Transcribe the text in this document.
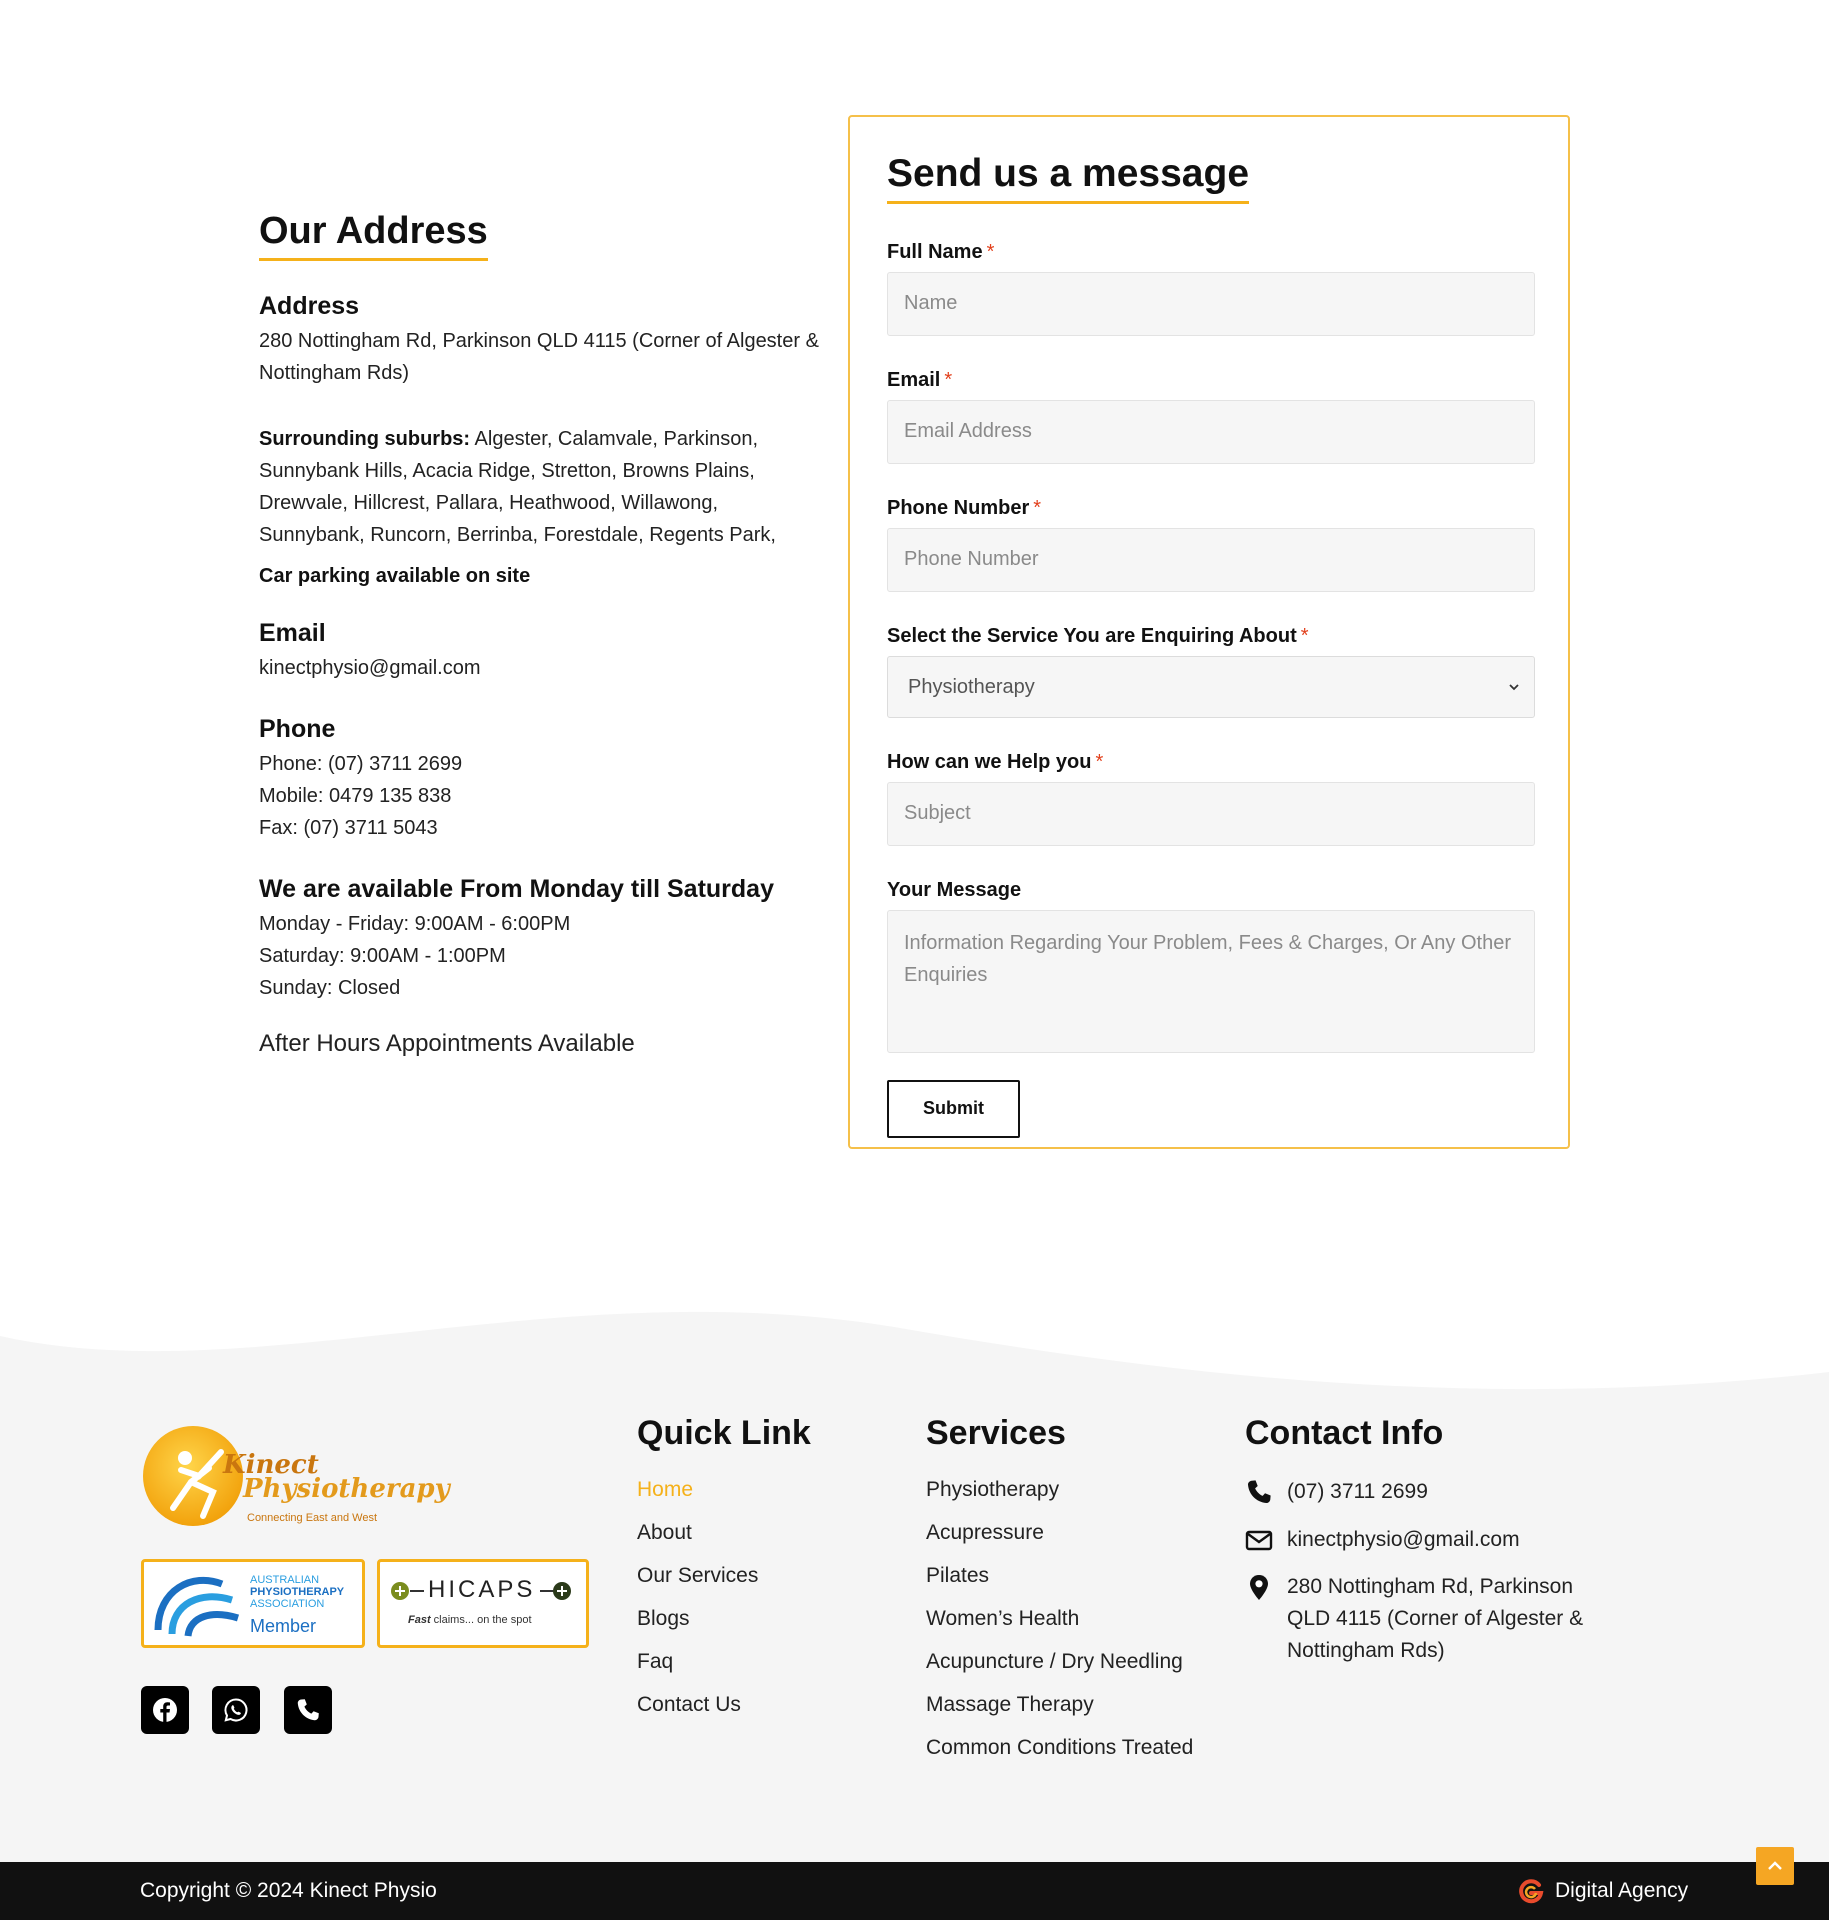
Our Address
Address

280 Nottingham Rd, Parkinson QLD 4115 (Corner of Algester & Nottingham Rds)

Surrounding suburbs: Algester, Calamvale, Parkinson, Sunnybank Hills, Acacia Ridge, Stretton, Browns Plains, Drewvale, Hillcrest, Pallara, Heathwood, Willawong, Sunnybank, Runcorn, Berrinba, Forestdale, Regents Park,

Car parking available on site

Email

kinectphysio@gmail.com

Phone

Phone: (07) 3711 2699

Mobile: 0479 135 838

Fax: (07) 3711 5043

We are available From Monday till Saturday

Monday - Friday: 9:00AM - 6:00PM

Saturday: 9:00AM - 1:00PM

Sunday: Closed

After Hours Appointments Available

Send us a message
Full Name *
Name
Email *
Email Address
Phone Number *
Phone Number
Select the Service You are Enquiring About *
Physiotherapy
How can we Help you *
Subject
Your Message
Information Regarding Your Problem, Fees & Charges, Or Any Other Enquiries Submit
Kinect
Physiotherapy
Connecting East and West
AUSTRALIAN
PHYSIOTHERAPY
ASSOCIATION
Member
HICAPS
Fast claims... on the spot
Quick Link
Home
About
Our Services
Blogs
Faq
Contact Us
Services
Physiotherapy
Acupressure
Pilates
Women’s Health
Acupuncture / Dry Needling
Massage Therapy
Common Conditions Treated
Contact Info
(07) 3711 2699
kinectphysio@gmail.com
280 Nottingham Rd, Parkinson QLD 4115 (Corner of Algester & Nottingham Rds)
Copyright © 2024 Kinect Physio	Digital Agency
